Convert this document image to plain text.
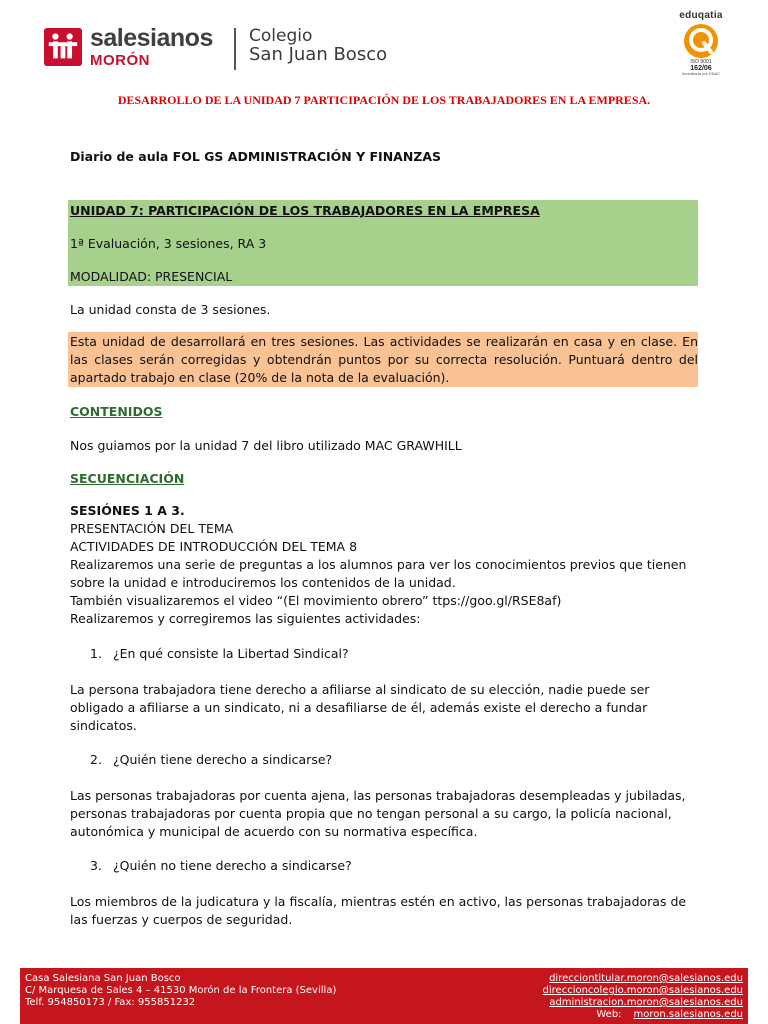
salesianos
MORÓN
Colegio
San Juan Bosco
eduqatia
ISO 9001
162/06
Acreditada por ENAC
DESARROLLO DE LA UNIDAD 7 PARTICIPACIÓN DE LOS TRABAJADORES EN LA EMPRESA.

Diario de aula FOL GS ADMINISTRACIÓN Y FINANZAS

UNIDAD 7: PARTICIPACIÓN DE LOS TRABAJADORES EN LA EMPRESA

1ª Evaluación, 3 sesiones, RA 3

MODALIDAD: PRESENCIAL

La unidad consta de 3 sesiones.

Esta unidad de desarrollará en tres sesiones. Las actividades se realizarán en casa y en clase. En las clases serán corregidas y obtendrán puntos por su correcta resolución. Puntuará dentro del apartado trabajo en clase (20% de la nota de la evaluación).

CONTENIDOS

Nos guiamos por la unidad 7 del libro utilizado MAC GRAWHILL

SECUENCIACIÓN

SESIÓNES 1 A 3.

PRESENTACIÓN DEL TEMA

ACTIVIDADES DE INTRODUCCIÓN DEL TEMA 8

Realizaremos una serie de preguntas a los alumnos para ver los conocimientos previos que tienen

sobre la unidad e introduciremos los contenidos de la unidad.

También visualizaremos el video “(El movimiento obrero” ttps://goo.gl/RSE8af)

Realizaremos y corregiremos las siguientes actividades:

1. ¿En qué consiste la Libertad Sindical?

La persona trabajadora tiene derecho a afiliarse al sindicato de su elección, nadie puede ser

obligado a afiliarse a un sindicato, ni a desafiliarse de él, además existe el derecho a fundar

sindicatos.

2. ¿Quién tiene derecho a sindicarse?

Las personas trabajadoras por cuenta ajena, las personas trabajadoras desempleadas y jubiladas,

personas trabajadoras por cuenta propia que no tengan personal a su cargo, la policía nacional,

autonómica y municipal de acuerdo con su normativa específica.

3. ¿Quién no tiene derecho a sindicarse?

Los miembros de la judicatura y la fiscalía, mientras estén en activo, las personas trabajadoras de

las fuerzas y cuerpos de seguridad.

Casa Salesiana San Juan Bosco
C/ Marquesa de Sales 4 – 41530 Morón de la Frontera (Sevilla)
Telf. 954850173 / Fax: 955851232
direcciontitular.moron@salesianos.edu
direccioncolegio.moron@salesianos.edu
administracion.moron@salesianos.edu
Web: moron.salesianos.edu
